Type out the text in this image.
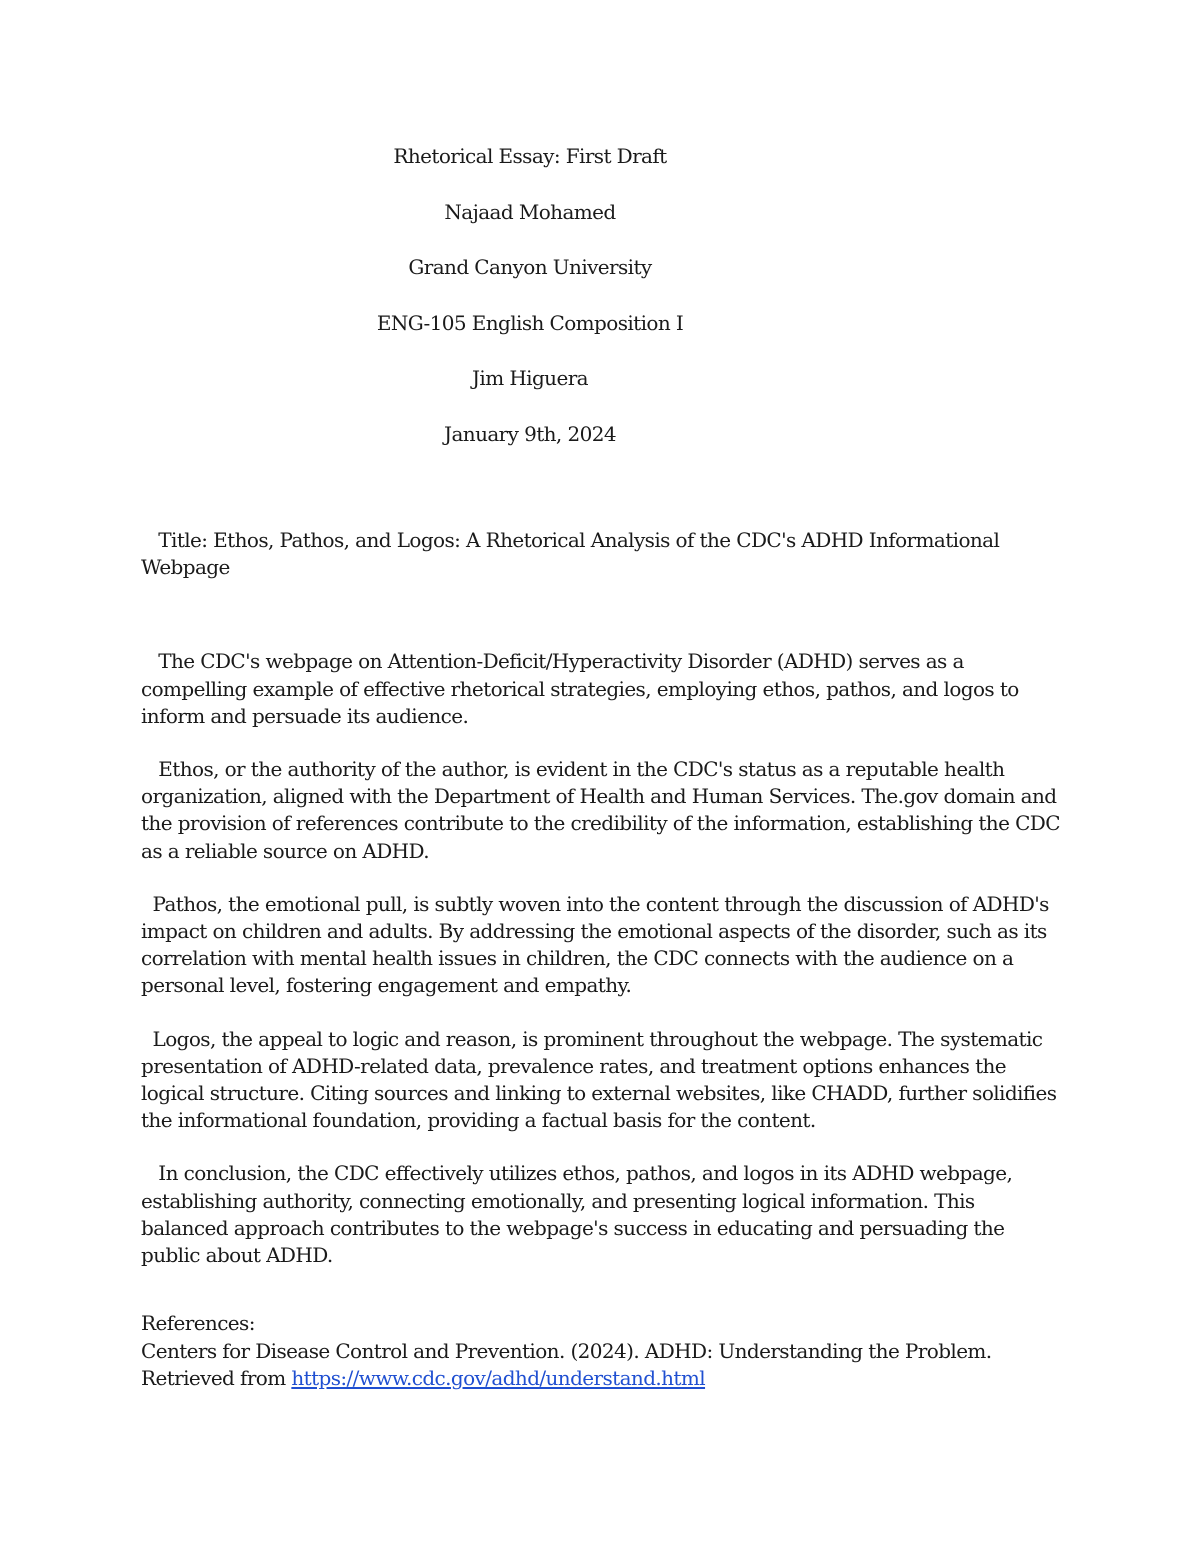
Rhetorical Essay: First Draft
Najaad Mohamed
Grand Canyon University
ENG-105 English Composition I
Jim Higuera
January 9th, 2024

Title: Ethos, Pathos, and Logos: A Rhetorical Analysis of the CDC's ADHD Informational Webpage

The CDC's webpage on Attention-Deficit/Hyperactivity Disorder (ADHD) serves as a compelling example of effective rhetorical strategies, employing ethos, pathos, and logos to inform and persuade its audience.

Ethos, or the authority of the author, is evident in the CDC's status as a reputable health organization, aligned with the Department of Health and Human Services. The.gov domain and the provision of references contribute to the credibility of the information, establishing the CDC as a reliable source on ADHD.

Pathos, the emotional pull, is subtly woven into the content through the discussion of ADHD's impact on children and adults. By addressing the emotional aspects of the disorder, such as its correlation with mental health issues in children, the CDC connects with the audience on a personal level, fostering engagement and empathy.

Logos, the appeal to logic and reason, is prominent throughout the webpage. The systematic presentation of ADHD-related data, prevalence rates, and treatment options enhances the logical structure. Citing sources and linking to external websites, like CHADD, further solidifies the informational foundation, providing a factual basis for the content.

In conclusion, the CDC effectively utilizes ethos, pathos, and logos in its ADHD webpage, establishing authority, connecting emotionally, and presenting logical information. This balanced approach contributes to the webpage's success in educating and persuading the public about ADHD.

References:
Centers for Disease Control and Prevention. (2024). ADHD: Understanding the Problem.
Retrieved from https://www.cdc.gov/adhd/understand.html
